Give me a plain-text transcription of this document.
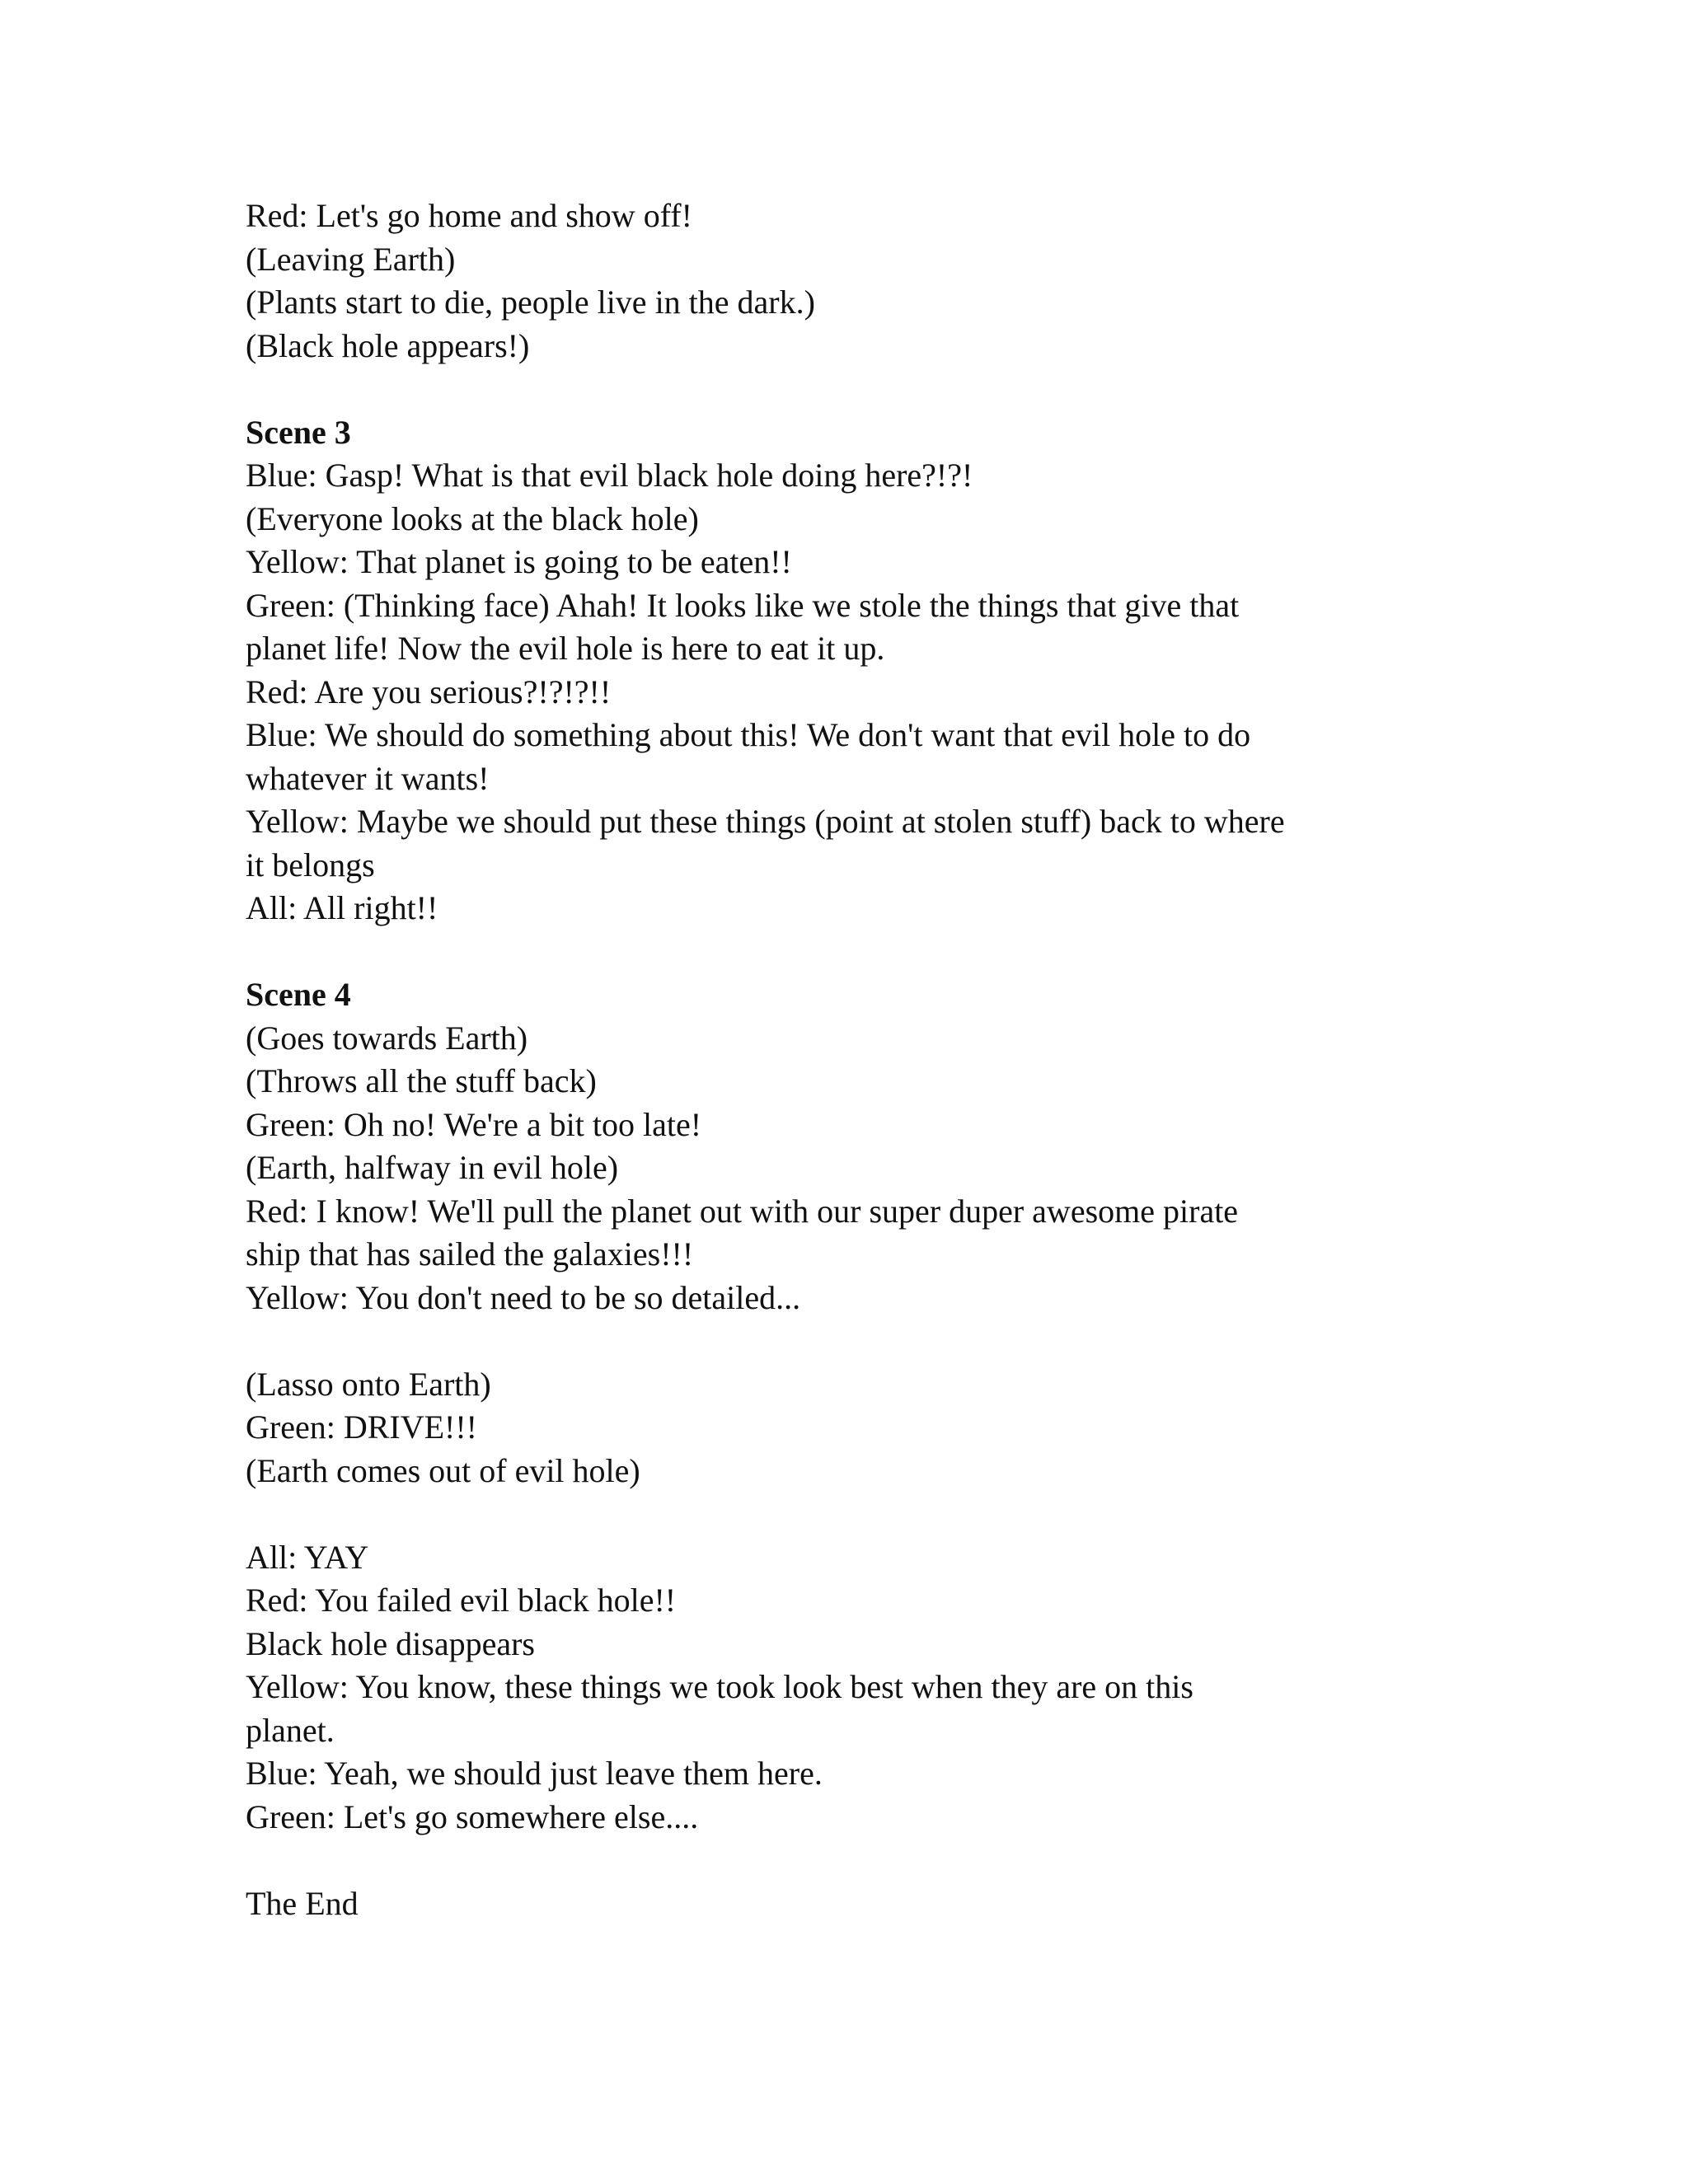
Red: Let's go home and show off!
(Leaving Earth)
(Plants start to die, people live in the dark.)
(Black hole appears!)
Scene 3
Blue: Gasp! What is that evil black hole doing here?!?!
(Everyone looks at the black hole)
Yellow: That planet is going to be eaten!!
Green: (Thinking face) Ahah! It looks like we stole the things that give that
planet life! Now the evil hole is here to eat it up.
Red: Are you serious?!?!?!!
Blue: We should do something about this! We don't want that evil hole to do
whatever it wants!
Yellow: Maybe we should put these things (point at stolen stuff) back to where
it belongs
All: All right!!
Scene 4
(Goes towards Earth)
(Throws all the stuff back)
Green: Oh no! We're a bit too late!
(Earth, halfway in evil hole)
Red: I know! We'll pull the planet out with our super duper awesome pirate
ship that has sailed the galaxies!!!
Yellow: You don't need to be so detailed...
(Lasso onto Earth)
Green: DRIVE!!!
(Earth comes out of evil hole)
All: YAY
Red: You failed evil black hole!!
Black hole disappears
Yellow: You know, these things we took look best when they are on this
planet.
Blue: Yeah, we should just leave them here.
Green: Let's go somewhere else....
The End
